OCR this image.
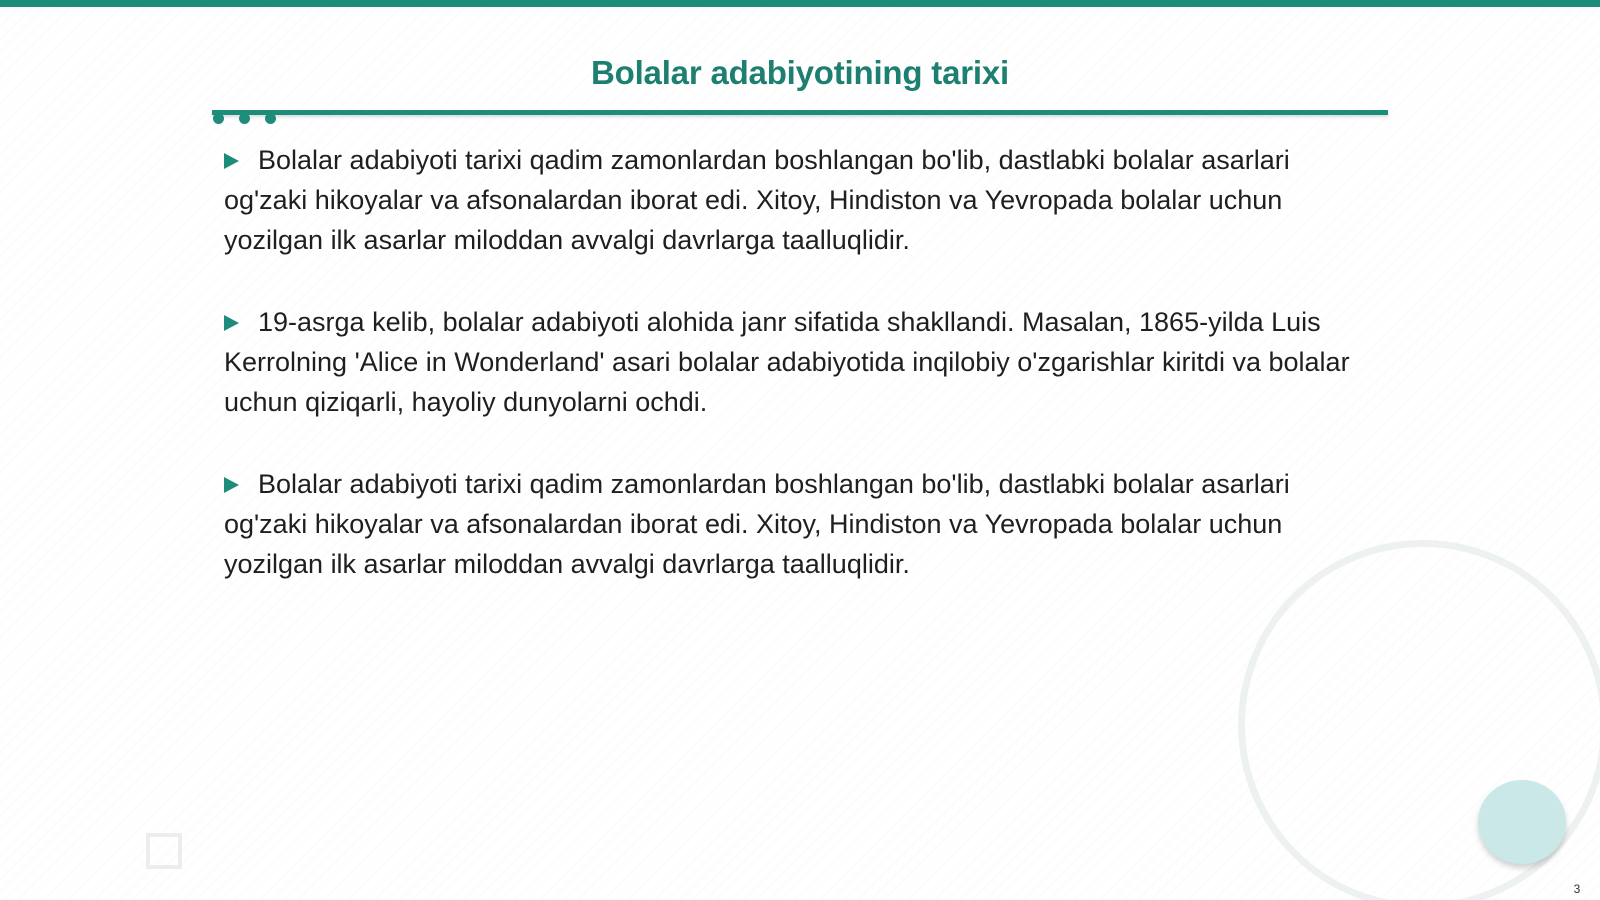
Bolalar adabiyotining tarixi

Bolalar adabiyoti tarixi qadim zamonlardan boshlangan bo'lib, dastlabki bolalar asarlari og'zaki hikoyalar va afsonalardan iborat edi. Xitoy, Hindiston va Yevropada bolalar uchun yozilgan ilk asarlar miloddan avvalgi davrlarga taalluqlidir.

19-asrga kelib, bolalar adabiyoti alohida janr sifatida shakllandi. Masalan, 1865-yilda Luis Kerrolning 'Alice in Wonderland' asari bolalar adabiyotida inqilobiy o'zgarishlar kiritdi va bolalar uchun qiziqarli, hayoliy dunyolarni ochdi.

Bolalar adabiyoti tarixi qadim zamonlardan boshlangan bo'lib, dastlabki bolalar asarlari og'zaki hikoyalar va afsonalardan iborat edi. Xitoy, Hindiston va Yevropada bolalar uchun yozilgan ilk asarlar miloddan avvalgi davrlarga taalluqlidir.

3
